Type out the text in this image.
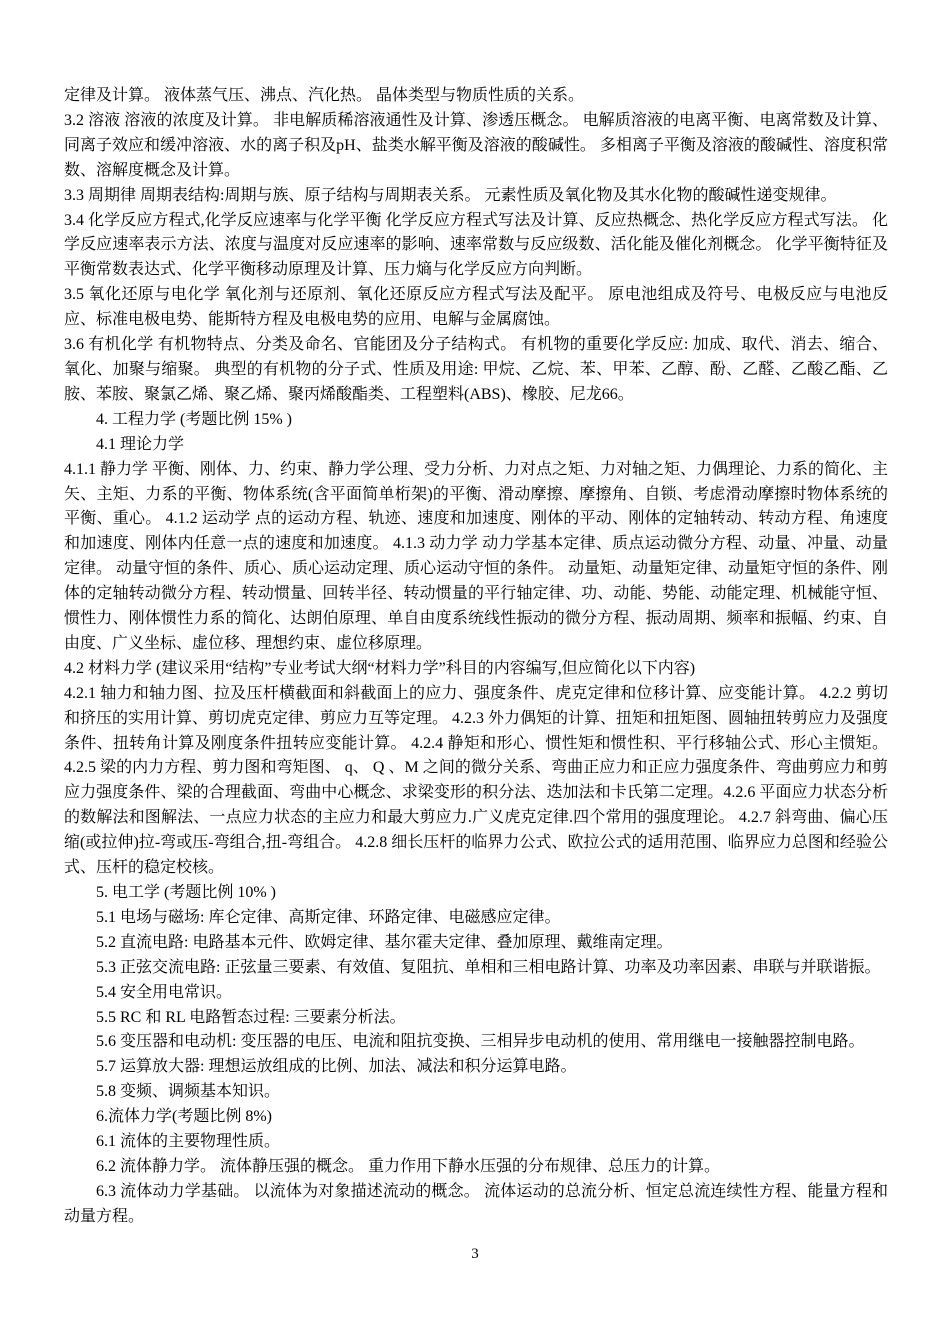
定律及计算。 液体蒸气压、沸点、汽化热。 晶体类型与物质性质的关系。

3.2 溶液 溶液的浓度及计算。 非电解质稀溶液通性及计算、渗透压概念。 电解质溶液的电离平衡、电离常数及计算、同离子效应和缓冲溶液、水的离子积及pH、盐类水解平衡及溶液的酸碱性。 多相离子平衡及溶液的酸碱性、溶度积常数、溶解度概念及计算。

3.3 周期律 周期表结构:周期与族、原子结构与周期表关系。 元素性质及氧化物及其水化物的酸碱性递变规律。

3.4 化学反应方程式,化学反应速率与化学平衡 化学反应方程式写法及计算、反应热概念、热化学反应方程式写法。 化学反应速率表示方法、浓度与温度对反应速率的影响、速率常数与反应级数、活化能及催化剂概念。 化学平衡特征及平衡常数表达式、化学平衡移动原理及计算、压力熵与化学反应方向判断。

3.5 氧化还原与电化学 氧化剂与还原剂、氧化还原反应方程式写法及配平。 原电池组成及符号、电极反应与电池反应、标准电极电势、能斯特方程及电极电势的应用、电解与金属腐蚀。

3.6 有机化学 有机物特点、分类及命名、官能团及分子结构式。 有机物的重要化学反应: 加成、取代、消去、缩合、氧化、加聚与缩聚。 典型的有机物的分子式、性质及用途: 甲烷、乙烷、苯、甲苯、乙醇、酚、乙醛、乙酸乙酯、乙胺、苯胺、聚氯乙烯、聚乙烯、聚丙烯酸酯类、工程塑料(ABS)、橡胶、尼龙66。

4. 工程力学 (考题比例 15% )

4.1 理论力学

4.1.1 静力学 平衡、刚体、力、约束、静力学公理、受力分析、力对点之矩、力对轴之矩、力偶理论、力系的简化、主矢、主矩、力系的平衡、物体系统(含平面简单桁架)的平衡、滑动摩擦、摩擦角、自锁、考虑滑动摩擦时物体系统的平衡、重心。 4.1.2 运动学 点的运动方程、轨迹、速度和加速度、刚体的平动、刚体的定轴转动、转动方程、角速度和加速度、刚体内任意一点的速度和加速度。 4.1.3 动力学 动力学基本定律、质点运动微分方程、动量、冲量、动量定律。 动量守恒的条件、质心、质心运动定理、质心运动守恒的条件。 动量矩、动量矩定律、动量矩守恒的条件、刚体的定轴转动微分方程、转动惯量、回转半径、转动惯量的平行轴定律、功、动能、势能、动能定理、机械能守恒、惯性力、刚体惯性力系的简化、达朗伯原理、单自由度系统线性振动的微分方程、振动周期、频率和振幅、约束、自由度、广义坐标、虚位移、理想约束、虚位移原理。

4.2 材料力学 (建议采用“结构”专业考试大纲“材料力学”科目的内容编写,但应简化以下内容)

4.2.1 轴力和轴力图、拉及压杆横截面和斜截面上的应力、强度条件、虎克定律和位移计算、应变能计算。 4.2.2 剪切和挤压的实用计算、剪切虎克定律、剪应力互等定理。 4.2.3 外力偶矩的计算、扭矩和扭矩图、圆轴扭转剪应力及强度条件、扭转角计算及刚度条件扭转应变能计算。 4.2.4 静矩和形心、惯性矩和惯性积、平行移轴公式、形心主惯矩。 4.2.5 梁的内力方程、剪力图和弯矩图、 q、 Q 、M 之间的微分关系、弯曲正应力和正应力强度条件、弯曲剪应力和剪应力强度条件、梁的合理截面、弯曲中心概念、求梁变形的积分法、迭加法和卡氏第二定理。4.2.6 平面应力状态分析的数解法和图解法、一点应力状态的主应力和最大剪应力.广义虎克定律.四个常用的强度理论。 4.2.7 斜弯曲、偏心压缩(或拉伸)拉-弯或压-弯组合,扭-弯组合。 4.2.8 细长压杆的临界力公式、欧拉公式的适用范围、临界应力总图和经验公式、压杆的稳定校核。

5. 电工学 (考题比例 10% )

5.1 电场与磁场: 库仑定律、高斯定律、环路定律、电磁感应定律。

5.2 直流电路: 电路基本元件、欧姆定律、基尔霍夫定律、叠加原理、戴维南定理。

5.3 正弦交流电路: 正弦量三要素、有效值、复阻抗、单相和三相电路计算、功率及功率因素、串联与并联谐振。

5.4 安全用电常识。

5.5 RC 和 RL 电路暂态过程: 三要素分析法。

5.6 变压器和电动机: 变压器的电压、电流和阻抗变换、三相异步电动机的使用、常用继电一接触器控制电路。

5.7 运算放大器: 理想运放组成的比例、加法、减法和积分运算电路。

5.8 变频、调频基本知识。

6.流体力学(考题比例 8%)

6.1 流体的主要物理性质。

6.2 流体静力学。 流体静压强的概念。 重力作用下静水压强的分布规律、总压力的计算。

6.3 流体动力学基础。 以流体为对象描述流动的概念。 流体运动的总流分析、恒定总流连续性方程、能量方程和动量方程。

3
